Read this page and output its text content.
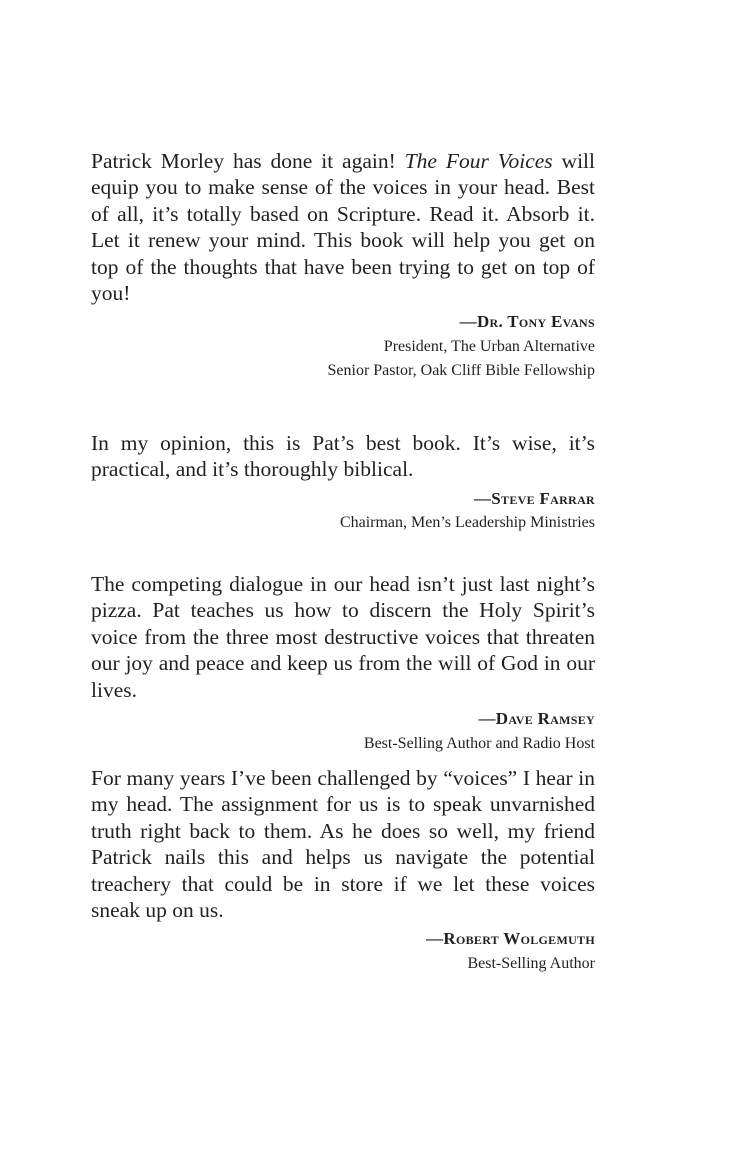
Patrick Morley has done it again! The Four Voices will equip you to make sense of the voices in your head. Best of all, it’s totally based on Scripture. Read it. Absorb it. Let it renew your mind. This book will help you get on top of the thoughts that have been trying to get on top of you!

—Dr. Tony Evans
President, The Urban Alternative
Senior Pastor, Oak Cliff Bible Fellowship

In my opinion, this is Pat’s best book. It’s wise, it’s practical, and it’s thoroughly biblical.

—Steve Farrar
Chairman, Men’s Leadership Ministries

The competing dialogue in our head isn’t just last night’s pizza. Pat teaches us how to discern the Holy Spirit’s voice from the three most destructive voices that threaten our joy and peace and keep us from the will of God in our lives.

—Dave Ramsey
Best-Selling Author and Radio Host

For many years I’ve been challenged by “voices” I hear in my head. The assignment for us is to speak unvarnished truth right back to them. As he does so well, my friend Patrick nails this and helps us navigate the potential treachery that could be in store if we let these voices sneak up on us.

—Robert Wolgemuth
Best-Selling Author
